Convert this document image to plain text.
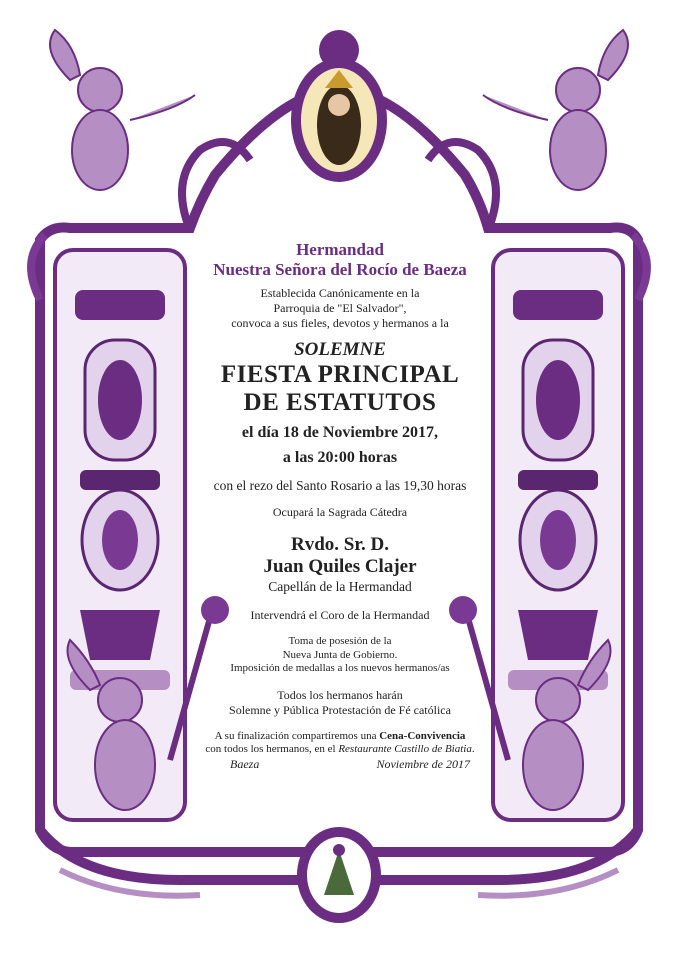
Hermandad
Nuestra Señora del Rocío de Baeza
Establecida Canónicamente en la
Parroquia de "El Salvador",
convoca a sus fieles, devotos y hermanos a la
SOLEMNE
FIESTA PRINCIPAL
DE ESTATUTOS
el día 18 de Noviembre 2017,
a las 20:00 horas
con el rezo del Santo Rosario a las 19,30 horas
Ocupará la Sagrada Cátedra
Rvdo. Sr. D.
Juan Quiles Clajer
Capellán de la Hermandad
Intervendrá el Coro de la Hermandad
Toma de posesión de la
Nueva Junta de Gobierno.
Imposición de medallas a los nuevos hermanos/as
Todos los hermanos harán
Solemne y Pública Protestación de Fé católica
A su finalización compartiremos una Cena-Convivencia
con todos los hermanos, en el Restaurante Castillo de Biatia.
Baeza	Noviembre de 2017
